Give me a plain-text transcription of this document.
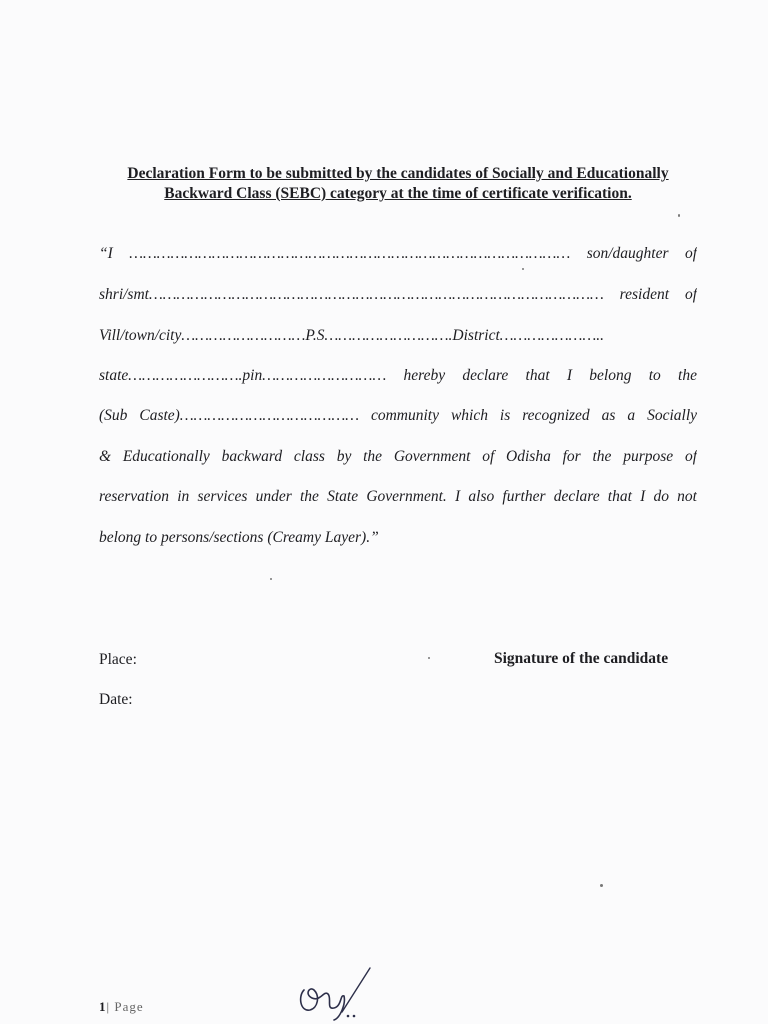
Declaration Form to be submitted by the candidates of Socially and Educationally

Backward Class (SEBC) category at the time of certificate verification.

“I …………………………………………………………………………………… son/daughter of
shri/smt……………………………………………………………………………………… resident of
Vill/town/city………………………P.S……………………….District…………………..
state…………………….pin……………………… hereby declare that I belong to the
(Sub Caste)………………………………… community which is recognized as a Socially
& Educationally backward class by the Government of Odisha for the purpose of
reservation in services under the State Government. I also further declare that I do not
belong to persons/sections (Creamy Layer).”
Place:
Date:
Signature of the candidate
1| Page
